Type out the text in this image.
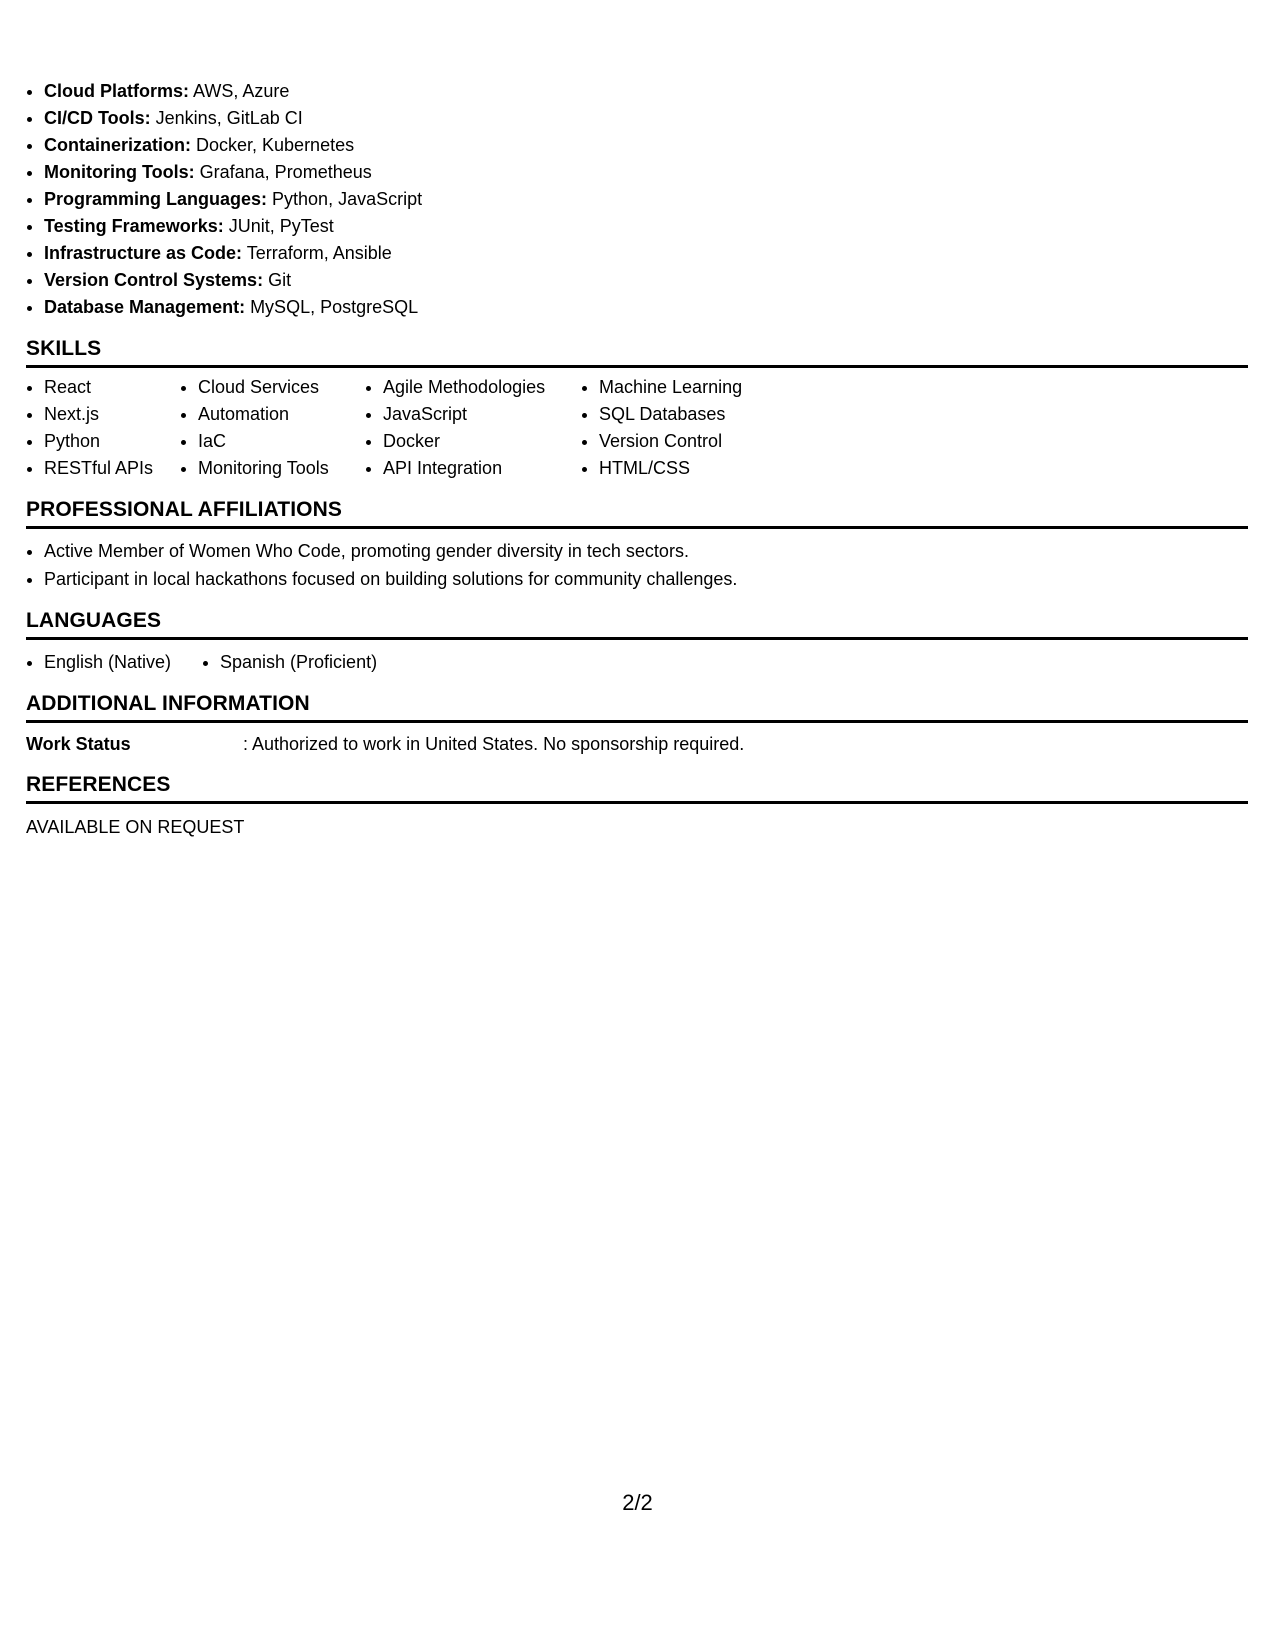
• Cloud Platforms: AWS, Azure
• CI/CD Tools: Jenkins, GitLab CI
• Containerization: Docker, Kubernetes
• Monitoring Tools: Grafana, Prometheus
• Programming Languages: Python, JavaScript
• Testing Frameworks: JUnit, PyTest
• Infrastructure as Code: Terraform, Ansible
• Version Control Systems: Git
• Database Management: MySQL, PostgreSQL
SKILLS
• React
• Next.js
• Python
• RESTful APIs
• Cloud Services
• Automation
• IaC
• Monitoring Tools
• Agile Methodologies
• JavaScript
• Docker
• API Integration
• Machine Learning
• SQL Databases
• Version Control
• HTML/CSS
PROFESSIONAL AFFILIATIONS
• Active Member of Women Who Code, promoting gender diversity in tech sectors.
• Participant in local hackathons focused on building solutions for community challenges.
LANGUAGES
• English (Native)
•	Spanish (Proficient)
ADDITIONAL INFORMATION
Work Status	: Authorized to work in United States. No sponsorship required.
REFERENCES
AVAILABLE ON REQUEST
2/2
